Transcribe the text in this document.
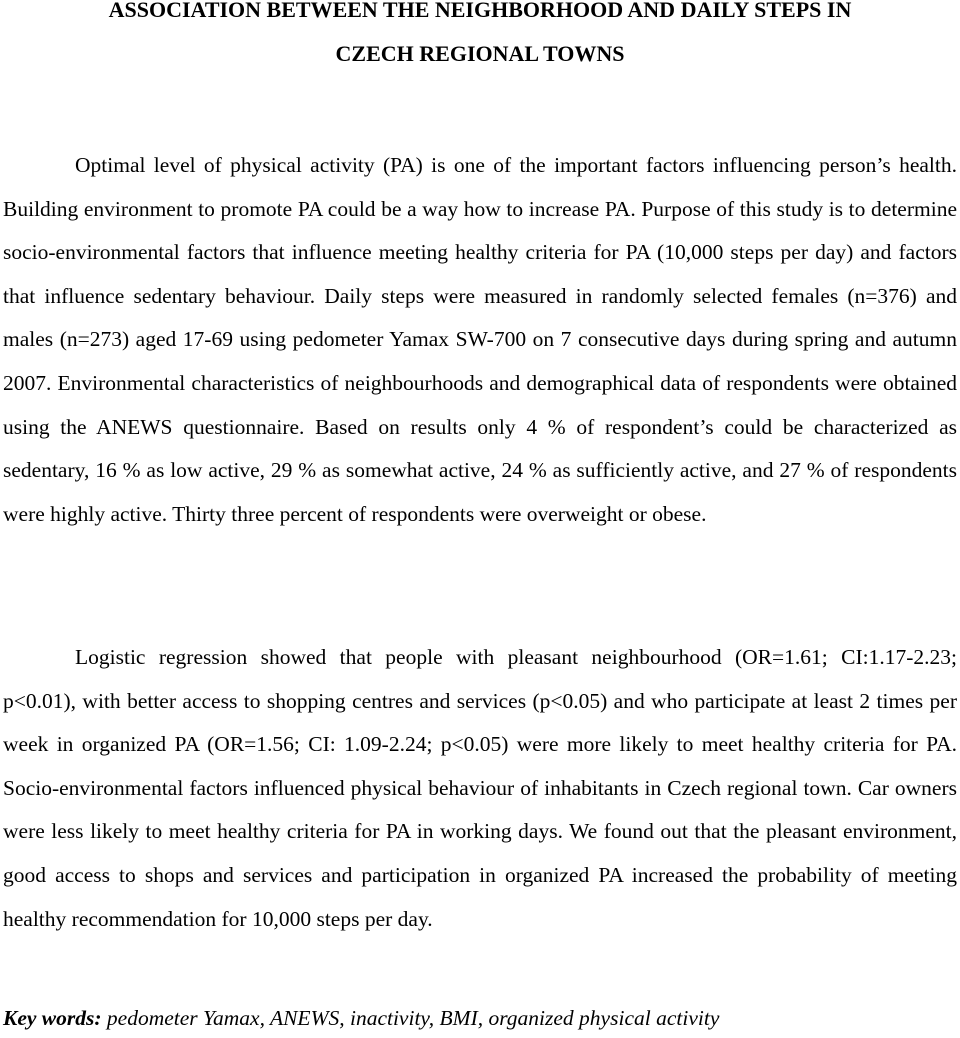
ASSOCIATION BETWEEN THE NEIGHBORHOOD AND DAILY STEPS IN
CZECH REGIONAL TOWNS

Optimal level of physical activity (PA) is one of the important factors influencing person’s health. Building environment to promote PA could be a way how to increase PA. Purpose of this study is to determine socio-environmental factors that influence meeting healthy criteria for PA (10,000 steps per day) and factors that influence sedentary behaviour. Daily steps were measured in randomly selected females (n=376) and males (n=273) aged 17-69 using pedometer Yamax SW-700 on 7 consecutive days during spring and autumn 2007. Environmental characteristics of neighbourhoods and demographical data of respondents were obtained using the ANEWS questionnaire. Based on results only 4 % of respondent’s could be characterized as sedentary, 16 % as low active, 29 % as somewhat active, 24 % as sufficiently active, and 27 % of respondents were highly active. Thirty three percent of respondents were overweight or obese.

Logistic regression showed that people with pleasant neighbourhood (OR=1.61; CI:1.17-2.23; p<0.01), with better access to shopping centres and services (p<0.05) and who participate at least 2 times per week in organized PA (OR=1.56; CI: 1.09-2.24; p<0.05) were more likely to meet healthy criteria for PA. Socio-environmental factors influenced physical behaviour of inhabitants in Czech regional town. Car owners were less likely to meet healthy criteria for PA in working days. We found out that the pleasant environment, good access to shops and services and participation in organized PA increased the probability of meeting healthy recommendation for 10,000 steps per day.

Key words: pedometer Yamax, ANEWS, inactivity, BMI, organized physical activity
